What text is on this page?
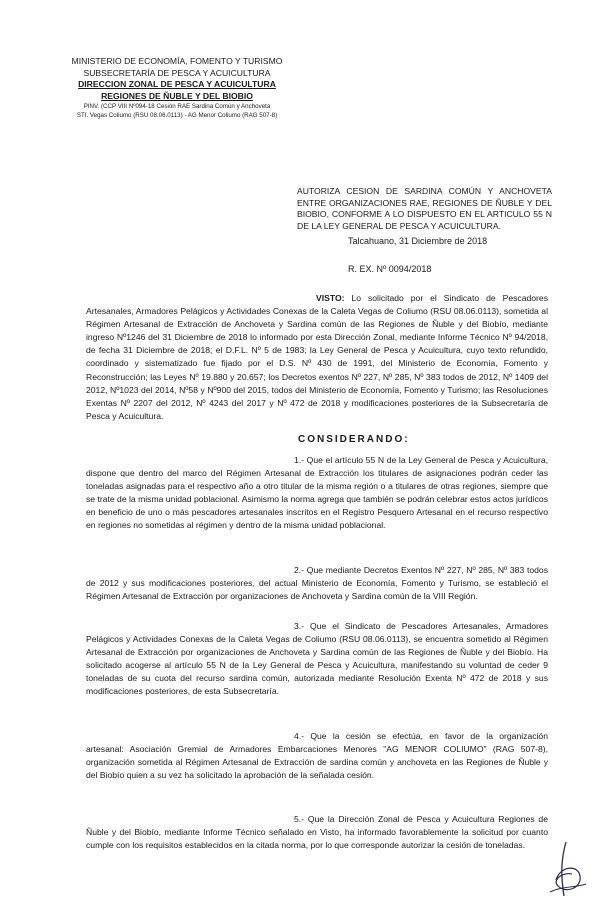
MINISTERIO DE ECONOMÍA, FOMENTO Y TURISMO
SUBSECRETARÍA DE PESCA Y ACUICULTURA
DIRECCION ZONAL DE PESCA Y ACUICULTURA
REGIONES DE ÑUBLE Y DEL BIOBIO
PINV. (CCP VIII Nº094-18 Cesión RAE Sardina Común y Anchoveta
STI. Vegas Coliumo (RSU 08.06.0113) - AG Menor Coliumo (RAG 507-8)
AUTORIZA CESION DE SARDINA COMÚN Y ANCHOVETA ENTRE ORGANIZACIONES RAE, REGIONES DE ÑUBLE Y DEL BIOBIO, CONFORME A LO DISPUESTO EN EL ARTICULO 55 N DE LA LEY GENERAL DE PESCA Y ACUICULTURA.
Talcahuano, 31 Diciembre de 2018
R. EX. Nº 0094/2018
VISTO: Lo solicitado por el Sindicato de Pescadores Artesanales, Armadores Pelágicos y Actividades Conexas de la Caleta Vegas de Coliumo (RSU 08.06.0113), sometida al Régimen Artesanal de Extracción de Anchoveta y Sardina común de las Regiones de Ñuble y del Biobío, mediante ingreso Nº1246 del 31 Diciembre de 2018 lo informado por esta Dirección Zonal, mediante Informe Técnico Nº 94/2018, de fecha 31 Diciembre de 2018; el D.F.L. Nº 5 de 1983; la Ley General de Pesca y Acuicultura, cuyo texto refundido, coordinado y sistematizado fue fijado por el D.S. Nº 430 de 1991, del Ministerio de Economía, Fomento y Reconstrucción; las Leyes Nº 19.880 y 20.657; los Decretos exentos Nº 227, Nº 285, Nº 383 todos de 2012, Nº 1409 del 2012, Nº1023 del 2014, Nº58 y Nº900 del 2015, todos del Ministerio de Economía, Fomento y Turismo; las Resoluciones Exentas Nº 2207 del 2012, Nº 4243 del 2017 y Nº 472 de 2018 y modificaciones posteriores de la Subsecretaría de Pesca y Acuicultura.
CONSIDERANDO:
1.- Que el artículo 55 N de la Ley General de Pesca y Acuicultura, dispone que dentro del marco del Régimen Artesanal de Extracción los titulares de asignaciones podrán ceder las toneladas asignadas para el respectivo año a otro titular de la misma región o a titulares de otras regiones, siempre que se trate de la misma unidad poblacional. Asimismo la norma agrega que también se podrán celebrar estos actos jurídicos en beneficio de uno o más pescadores artesanales inscritos en el Registro Pesquero Artesanal en el recurso respectivo en regiones no sometidas al régimen y dentro de la misma unidad poblacional.
2.- Que mediante Decretos Exentos Nº 227, Nº 285, Nº 383 todos de 2012 y sus modificaciones posteriores, del actual Ministerio de Economía, Fomento y Turismo, se estableció el Régimen Artesanal de Extracción por organizaciones de Anchoveta y Sardina común de la VIII Región.
3.- Que el Sindicato de Pescadores Artesanales, Armadores Pelágicos y Actividades Conexas de la Caleta Vegas de Coliumo (RSU 08.06.0113), se encuentra sometido al Régimen Artesanal de Extracción por organizaciones de Anchoveta y Sardina común de las Regiones de Ñuble y del Biobío. Ha solicitado acogerse al artículo 55 N de la Ley General de Pesca y Acuicultura, manifestando su voluntad de ceder 9 toneladas de su cuota del recurso sardina común, autorizada mediante Resolución Exenta Nº 472 de 2018 y sus modificaciones posteriores, de esta Subsecretaría.
4.- Que la cesión se efectúa, en favor de la organización artesanal: Asociación Gremial de Armadores Embarcaciones Menores "AG MENOR COLIUMO" (RAG 507-8), organización sometida al Régimen Artesanal de Extracción de sardina común y anchoveta en las Regiones de Ñuble y del Biobío quien a su vez ha solicitado la aprobación de la señalada cesión.
5.- Que la Dirección Zonal de Pesca y Acuicultura Regiones de Ñuble y del Biobío, mediante Informe Técnico señalado en Visto, ha informado favorablemente la solicitud por cuanto cumple con los requisitos establecidos en la citada norma, por lo que corresponde autorizar la cesión de toneladas.
